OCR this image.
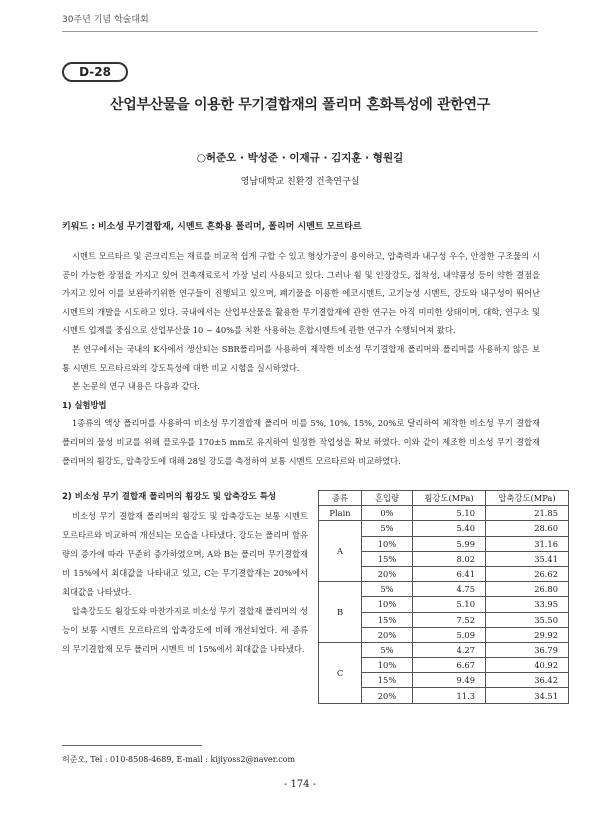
30주년 기념 학술대회
D-28
산업부산물을 이용한 무기결합재의 폴리머 혼화특성에 관한연구
○허준오 · 박성준 · 이재규 · 김지훈 · 형원길
영남대학교 친환경 건축연구실
키워드 : 비소성 무기결합재, 시멘트 혼화용 폴리머, 폴리머 시멘트 모르타르

시멘트 모르타르 및 콘크리트는 재료를 비교적 쉽게 구할 수 있고 형상가공이 용이하고, 압축력과 내구성 우수, 안정한 구조물의 시공이 가능한 장점을 가지고 있어 건축재료로서 가장 널리 사용되고 있다. 그러나 휨 및 인장강도, 접착성, 내약품성 등이 약한 결점을 가지고 있어 이를 보완하기위한 연구들이 진행되고 있으며, 폐기물을 이용한 에코시멘트, 고기능성 시멘트, 강도와 내구성이 뛰어난 시멘트의 개발을 시도하고 있다. 국내에서는 산업부산물을 활용한 무기결합재에 관한 연구는 아직 미미한 상태이며, 대학, 연구소 및 시멘트 업계를 중심으로 산업부산물 10 ~ 40%를 치환 사용하는 혼합시멘트에 관한 연구가 수행되어져 왔다.

본 연구에서는 국내의 K사에서 생산되는 SBR폴리머를 사용하여 제작한 비소성 무기결합재 폴리머와 폴리머를 사용하지 않은 보통 시멘트 모르타르와의 강도특성에 대한 비교 시험을 실시하였다.

본 논문의 연구 내용은 다음과 같다.

1) 실험방법

1종류의 액상 폴리머를 사용하여 비소성 무기결합재 폴리머 비를 5%, 10%, 15%, 20%로 달리하여 제작한 비소성 무기 결합재 폴리머의 물성 비교를 위해 플로우를 170±5 mm로 유지하여 일정한 작업성을 확보 하였다. 이와 같이 제조한 비소성 무기 결합재 폴리머의 휨강도, 압축강도에 대해 28일 강도를 측정하여 보통 시멘트 모르타르와 비교하였다.

2) 비소성 무기 결합재 폴리머의 휨강도 및 압축강도 특성

비소성 무기 결합재 폴리머의 휨강도 및 압축강도는 보통 시멘트 모르타르와 비교하여 개선되는 모습을 나타냈다. 강도는 폴리머 함유량의 증가에 따라 꾸준히 증가하였으며, A와 B는 폴리머 무기결합재 비 15%에서 최대값을 나타내고 있고, C는 무기결합재는 20%에서 최대값을 나타냈다.

압축강도도 휨강도와 마찬가지로 비소성 무기 결합재 폴리머의 성능이 보통 시멘트 모르타르의 압축강도에 비해 개선되었다. 세 종류의 무기결합재 모두 폴리머 시멘트 비 15%에서 최대값을 나타냈다.

종류	혼입량	휨강도(MPa)	압축강도(MPa)
Plain	0%	5.10	21.85
A	5%	5.40	28.60
	10%	5.99	31.16
	15%	8.02	35.41
	20%	6.41	26.62
B	5%	4.75	26.80
	10%	5.10	33.95
	15%	7.52	35.50
	20%	5.09	29.92
C	5%	4.27	36.79
	10%	6.67	40.92
	15%	9.49	36.42
	20%	11.3	34.51
허준오, Tel : 010-8508-4689, E-mail : kijiyoss2@naver.com
- 174 -
